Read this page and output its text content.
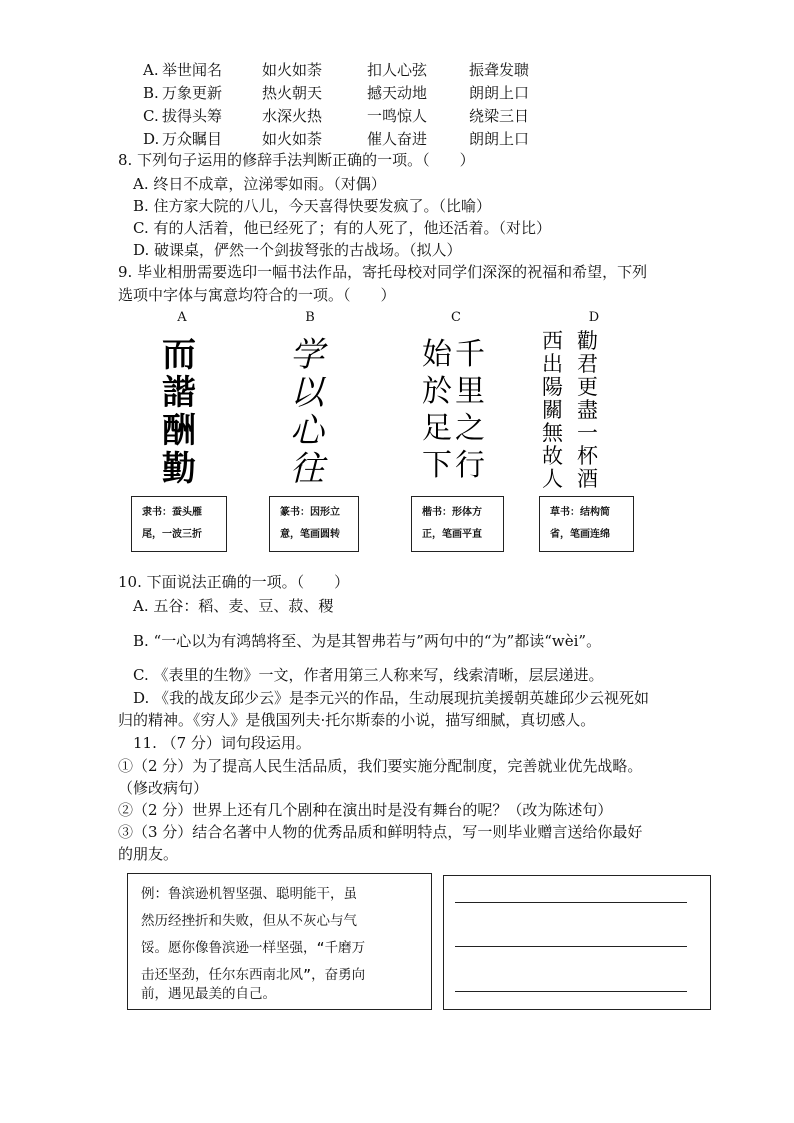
A. 举世闻名	如火如荼	扣人心弦	振聋发聩
B. 万象更新	热火朝天	撼天动地	朗朗上口
C. 拔得头筹	水深火热	一鸣惊人	绕梁三日
D. 万众瞩目	如火如荼	催人奋进	朗朗上口
8. 下列句子运用的修辞手法判断正确的一项。（　　）
A. 终日不成章，泣涕零如雨。（对偶）
B. 住方家大院的八儿，今天喜得快要发疯了。（比喻）
C. 有的人活着，他已经死了；有的人死了，他还活着。（对比）
D. 破课桌，俨然一个剑拔弩张的古战场。（拟人）
9. 毕业相册需要选印一幅书法作品，寄托母校对同学们深深的祝福和希望，下列
选项中字体与寓意均符合的一项。（　　）
A	B	C	D
而
諧
酬
勤
学
以
心
往
始千
於里
足之
下行
西勸
出君
陽更
關盡
無一
故杯
人酒
隶书：蚕头雁
尾，一波三折
篆书：因形立
意，笔画圆转
楷书：形体方
正，笔画平直
草书：结构简
省，笔画连绵
10. 下面说法正确的一项。（　　）
A. 五谷：稻、麦、豆、菽、稷
B. “一心以为有鸿鹄将至、为是其智弗若与”两句中的“为”都读“wèi”。
C. 《表里的生物》一文，作者用第三人称来写，线索清晰，层层递进。
D. 《我的战友邱少云》是李元兴的作品，生动展现抗美援朝英雄邱少云视死如
归的精神。《穷人》是俄国列夫·托尔斯泰的小说，描写细腻，真切感人。
11. （7 分）词句段运用。
①（2 分）为了提高人民生活品质，我们要实施分配制度，完善就业优先战略。
（修改病句）
②（2 分）世界上还有几个剧种在演出时是没有舞台的呢？（改为陈述句）
③（3 分）结合名著中人物的优秀品质和鲜明特点，写一则毕业赠言送给你最好
的朋友。
例：鲁滨逊机智坚强、聪明能干，虽
然历经挫折和失败，但从不灰心与气
馁。愿你像鲁滨逊一样坚强，“千磨万
击还坚劲，任尔东西南北风”，奋勇向
前，遇见最美的自己。
